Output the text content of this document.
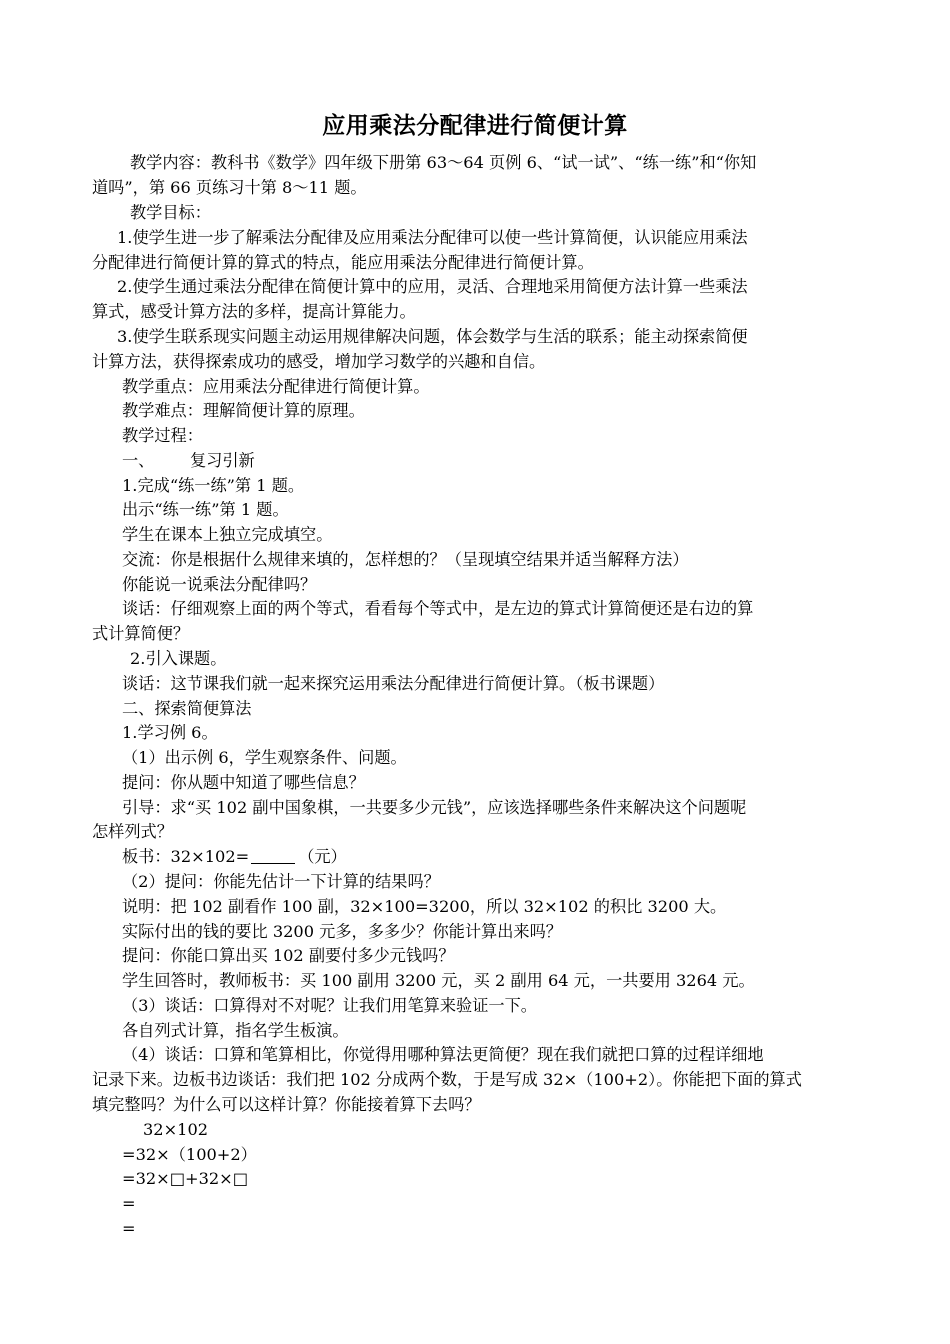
应用乘法分配律进行简便计算
教学内容：教科书《数学》四年级下册第 63～64 页例 6、“试一试”、“练一练”和“你知
道吗”，第 66 页练习十第 8～11 题。
教学目标：
1.使学生进一步了解乘法分配律及应用乘法分配律可以使一些计算简便，认识能应用乘法
分配律进行简便计算的算式的特点，能应用乘法分配律进行简便计算。
2.使学生通过乘法分配律在简便计算中的应用，灵活、合理地采用简便方法计算一些乘法
算式，感受计算方法的多样，提高计算能力。
3.使学生联系现实问题主动运用规律解决问题，体会数学与生活的联系；能主动探索简便
计算方法，获得探索成功的感受，增加学习数学的兴趣和自信。
教学重点：应用乘法分配律进行简便计算。
教学难点：理解简便计算的原理。
教学过程：
一、 复习引新
1.完成“练一练”第 1 题。
出示“练一练”第 1 题。
学生在课本上独立完成填空。
交流：你是根据什么规律来填的，怎样想的？（呈现填空结果并适当解释方法）
你能说一说乘法分配律吗？
谈话：仔细观察上面的两个等式，看看每个等式中，是左边的算式计算简便还是右边的算
式计算简便？
2.引入课题。
谈话：这节课我们就一起来探究运用乘法分配律进行简便计算。（板书课题）
二、探索简便算法
1.学习例 6。
（1）出示例 6，学生观察条件、问题。
提问：你从题中知道了哪些信息？
引导：求“买 102 副中国象棋，一共要多少元钱”，应该选择哪些条件来解决这个问题呢
怎样列式？
板书：32×102=	（元）
（2）提问：你能先估计一下计算的结果吗？
说明：把 102 副看作 100 副，32×100=3200，所以 32×102 的积比 3200 大。
实际付出的钱的要比 3200 元多，多多少？你能计算出来吗？
提问：你能口算出买 102 副要付多少元钱吗？
学生回答时，教师板书：买 100 副用 3200 元，买 2 副用 64 元，一共要用 3264 元。
（3）谈话：口算得对不对呢？让我们用笔算来验证一下。
各自列式计算，指名学生板演。
（4）谈话：口算和笔算相比，你觉得用哪种算法更简便？现在我们就把口算的过程详细地
记录下来。边板书边谈话：我们把 102 分成两个数，于是写成 32×（100+2）。你能把下面的算式
填完整吗？为什么可以这样计算？你能接着算下去吗？
32×102
=32×（100+2）
=32×□+32×□
=
=
